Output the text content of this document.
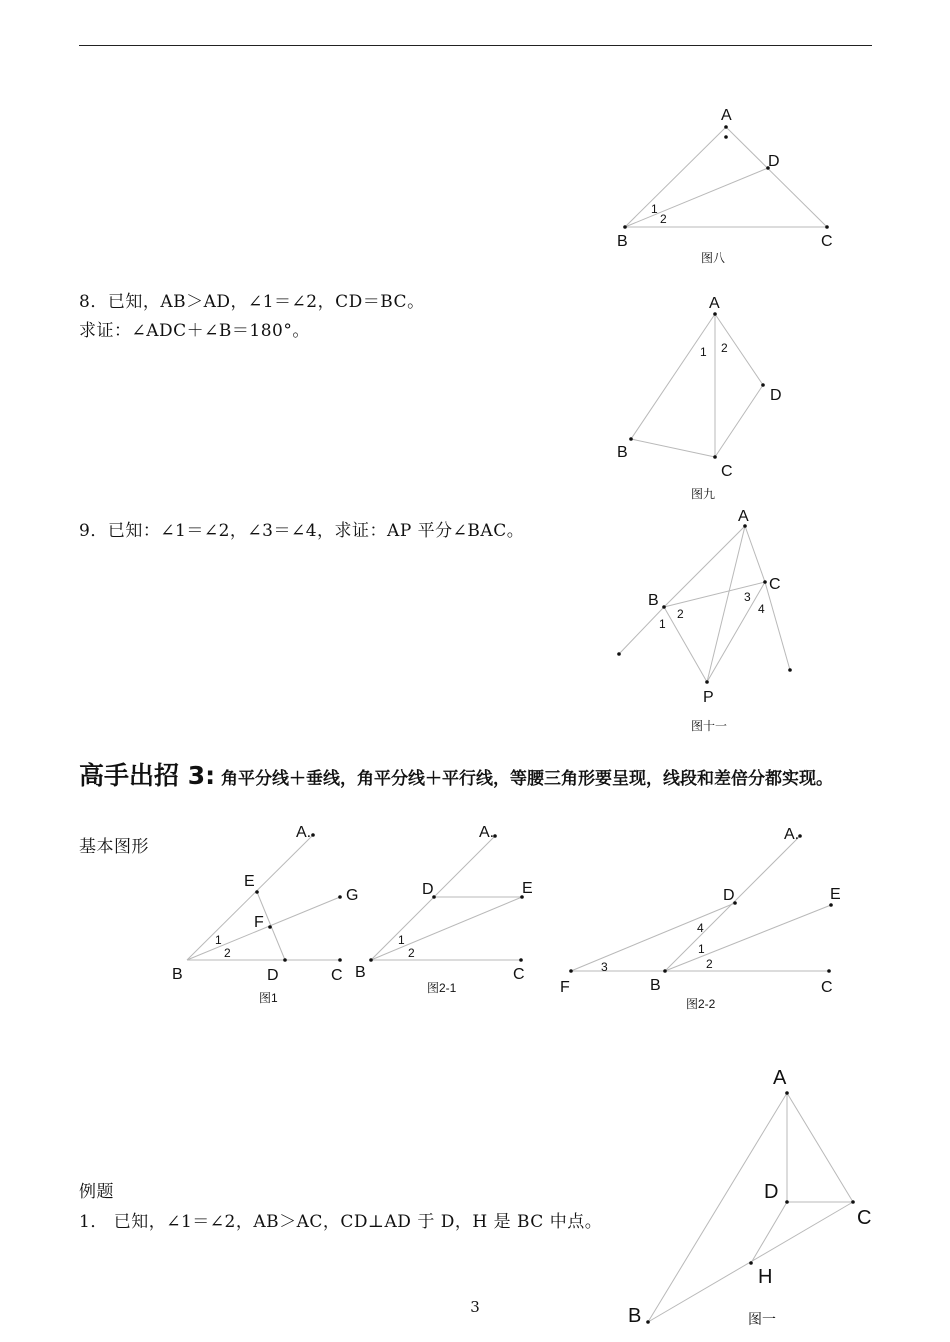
8．已知，AB＞AD，∠1＝∠2，CD＝BC。
求证：∠ADC＋∠B＝180°。
9．已知：∠1＝∠2，∠3＝∠4，求证：AP 平分∠BAC。
高手出招 3: 角平分线＋垂线，角平分线＋平行线，等腰三角形要呈现，线段和差倍分都实现。
基本图形
例题
1． 已知，∠1＝∠2，AB＞AC，CD⊥AD 于 D，H 是 BC 中点。
A
D
B	C
1
2
图八
A
D
B
C
1 2
图九
A
C
B
P
1
2
3
4
图十一
A.
E
G
F
B	D	C
1
2
图1
A.
D	E
B	C
1
2
图2-1
A.
D	E
F	B	C
4
1
2
3
图2-2
A
D
C
H
B	图一
3
